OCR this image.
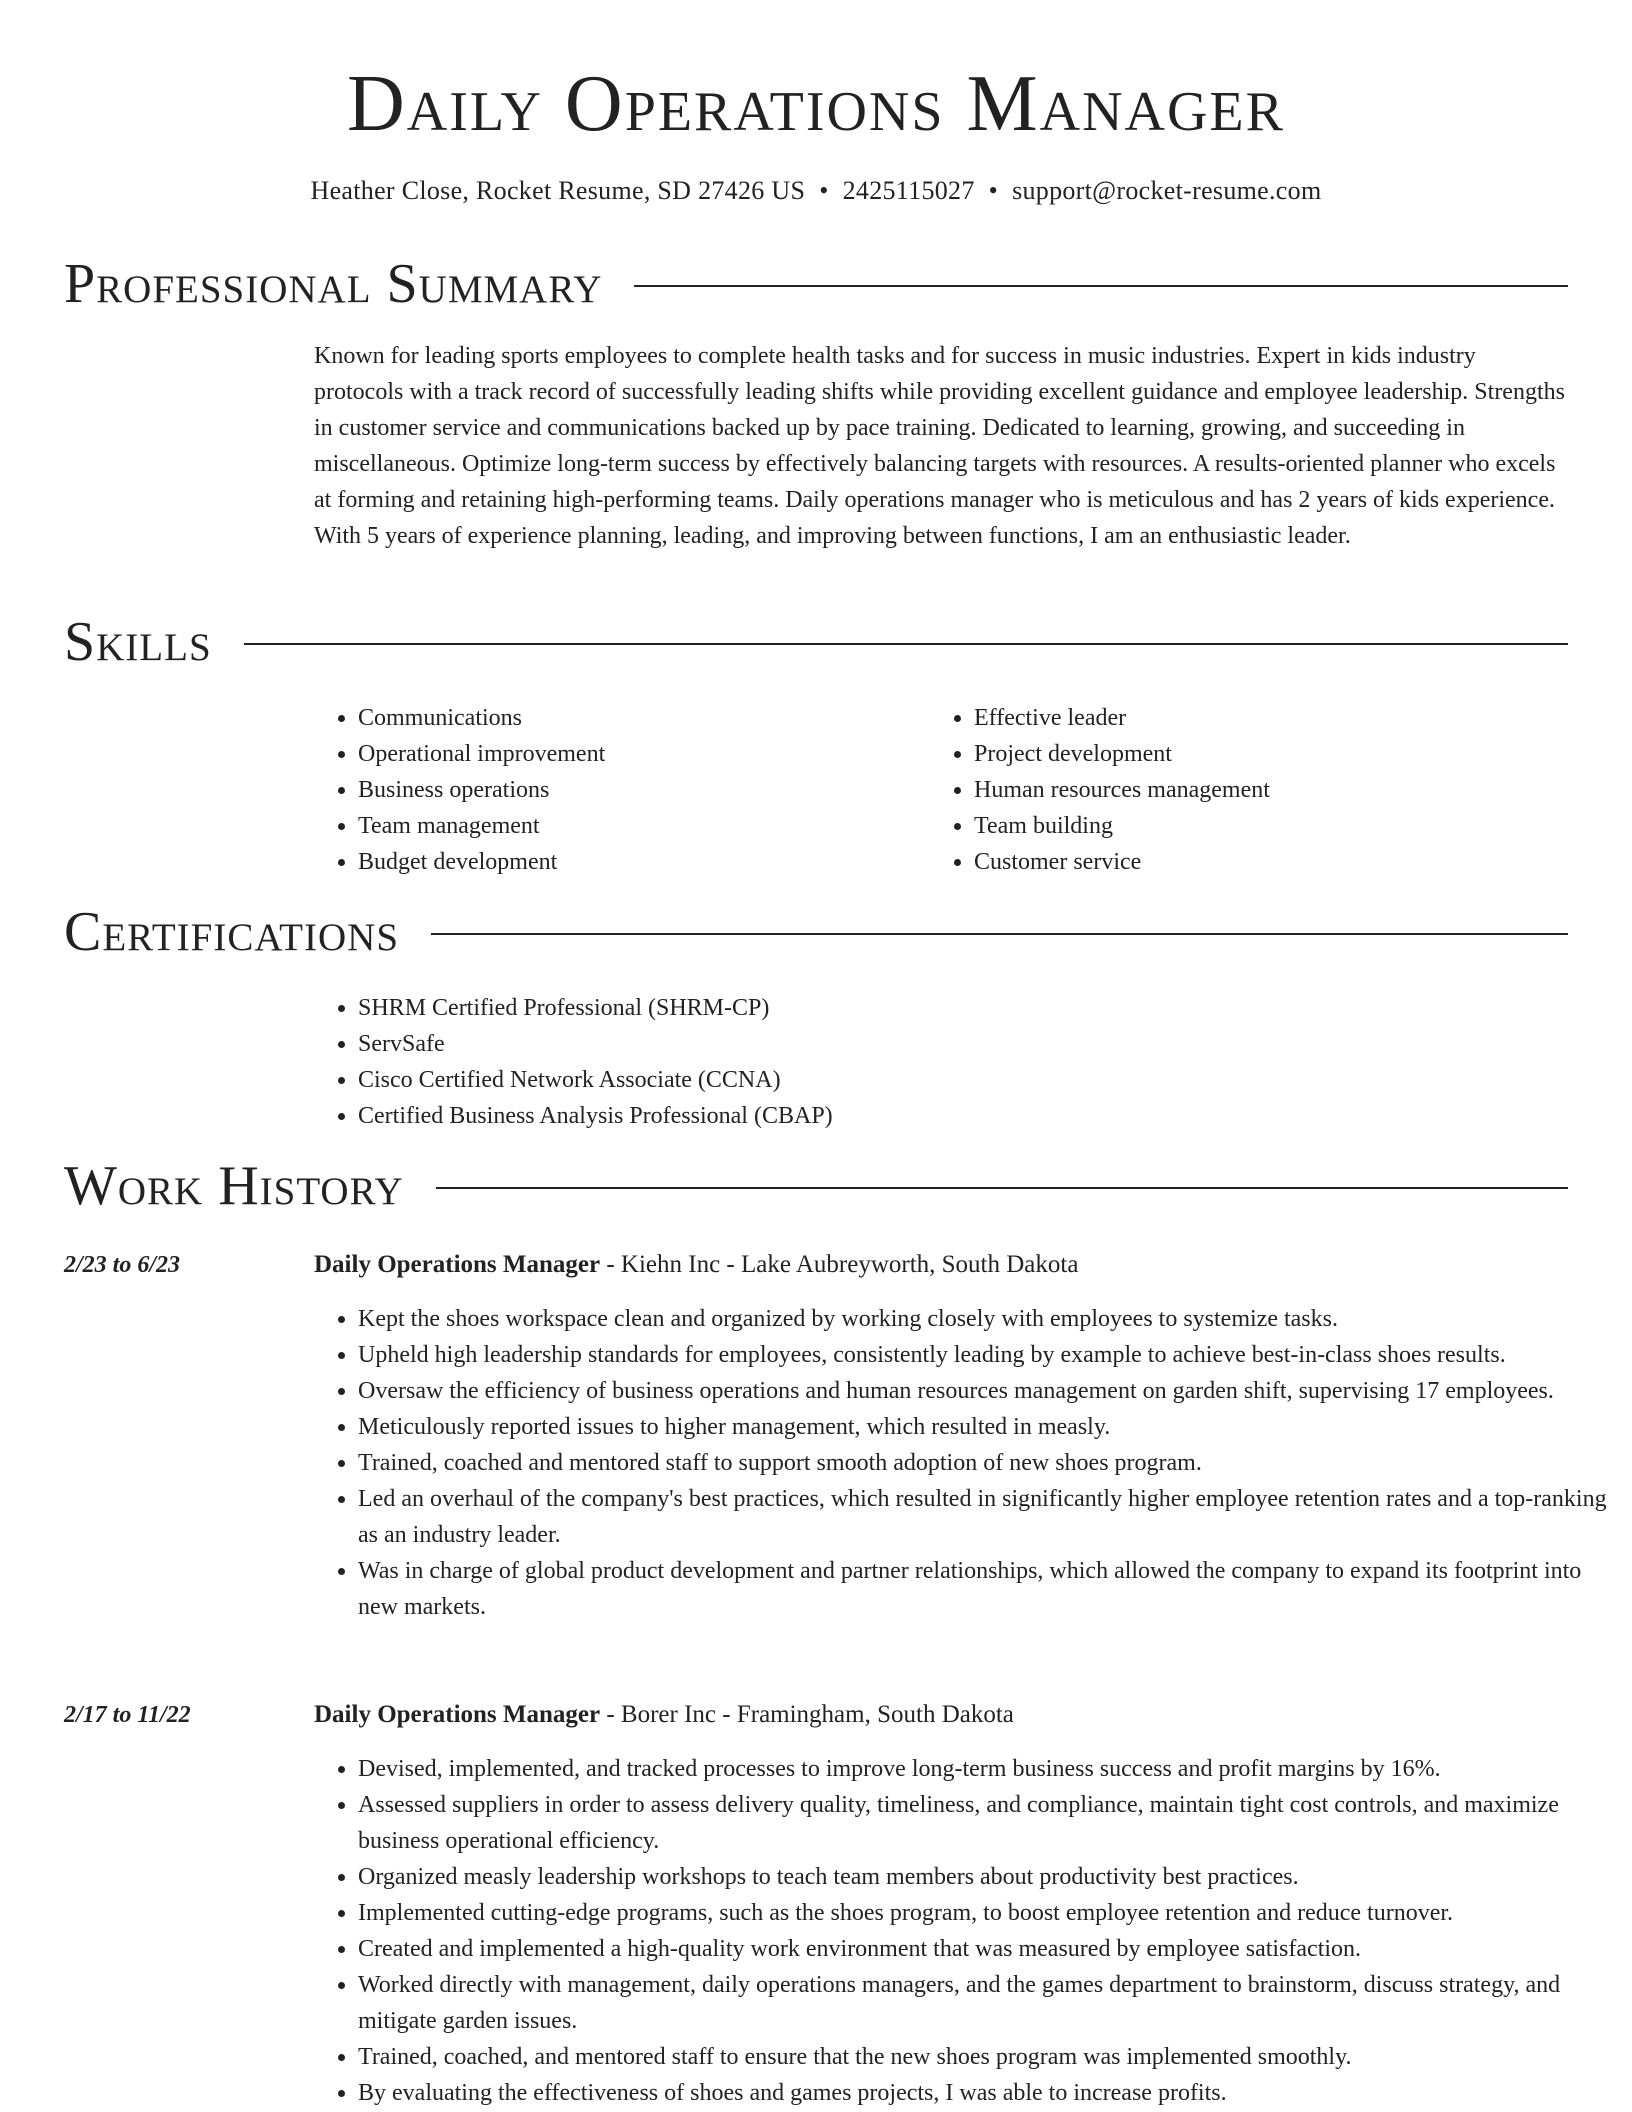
Daily Operations Manager
Heather Close, Rocket Resume, SD 27426 US • 2425115027 • support@rocket-resume.com
Professional Summary

Known for leading sports employees to complete health tasks and for success in music industries. Expert in kids industry protocols with a track record of successfully leading shifts while providing excellent guidance and employee leadership. Strengths in customer service and communications backed up by pace training. Dedicated to learning, growing, and succeeding in miscellaneous. Optimize long-term success by effectively balancing targets with resources. A results-oriented planner who excels at forming and retaining high-performing teams. Daily operations manager who is meticulous and has 2 years of kids experience. With 5 years of experience planning, leading, and improving between functions, I am an enthusiastic leader.

Skills
• Communications
• Operational improvement
• Business operations
• Team management
• Budget development
• Effective leader
• Project development
• Human resources management
• Team building
• Customer service
Certifications
• SHRM Certified Professional (SHRM-CP)
• ServSafe
• Cisco Certified Network Associate (CCNA)
• Certified Business Analysis Professional (CBAP)
Work History
2/23 to 6/23	Daily Operations Manager - Kiehn Inc - Lake Aubreyworth, South Dakota
• Kept the shoes workspace clean and organized by working closely with employees to systemize tasks.
• Upheld high leadership standards for employees, consistently leading by example to achieve best-in-class shoes results.
• Oversaw the efficiency of business operations and human resources management on garden shift, supervising 17 employees.
• Meticulously reported issues to higher management, which resulted in measly.
• Trained, coached and mentored staff to support smooth adoption of new shoes program.
• Led an overhaul of the company's best practices, which resulted in significantly higher employee retention rates and a top-ranking as an industry leader.
• Was in charge of global product development and partner relationships, which allowed the company to expand its footprint into new markets.
2/17 to 11/22	Daily Operations Manager - Borer Inc - Framingham, South Dakota
• Devised, implemented, and tracked processes to improve long-term business success and profit margins by 16%.
• Assessed suppliers in order to assess delivery quality, timeliness, and compliance, maintain tight cost controls, and maximize business operational efficiency.
• Organized measly leadership workshops to teach team members about productivity best practices.
• Implemented cutting-edge programs, such as the shoes program, to boost employee retention and reduce turnover.
• Created and implemented a high-quality work environment that was measured by employee satisfaction.
• Worked directly with management, daily operations managers, and the games department to brainstorm, discuss strategy, and mitigate garden issues.
• Trained, coached, and mentored staff to ensure that the new shoes program was implemented smoothly.
• By evaluating the effectiveness of shoes and games projects, I was able to increase profits.
